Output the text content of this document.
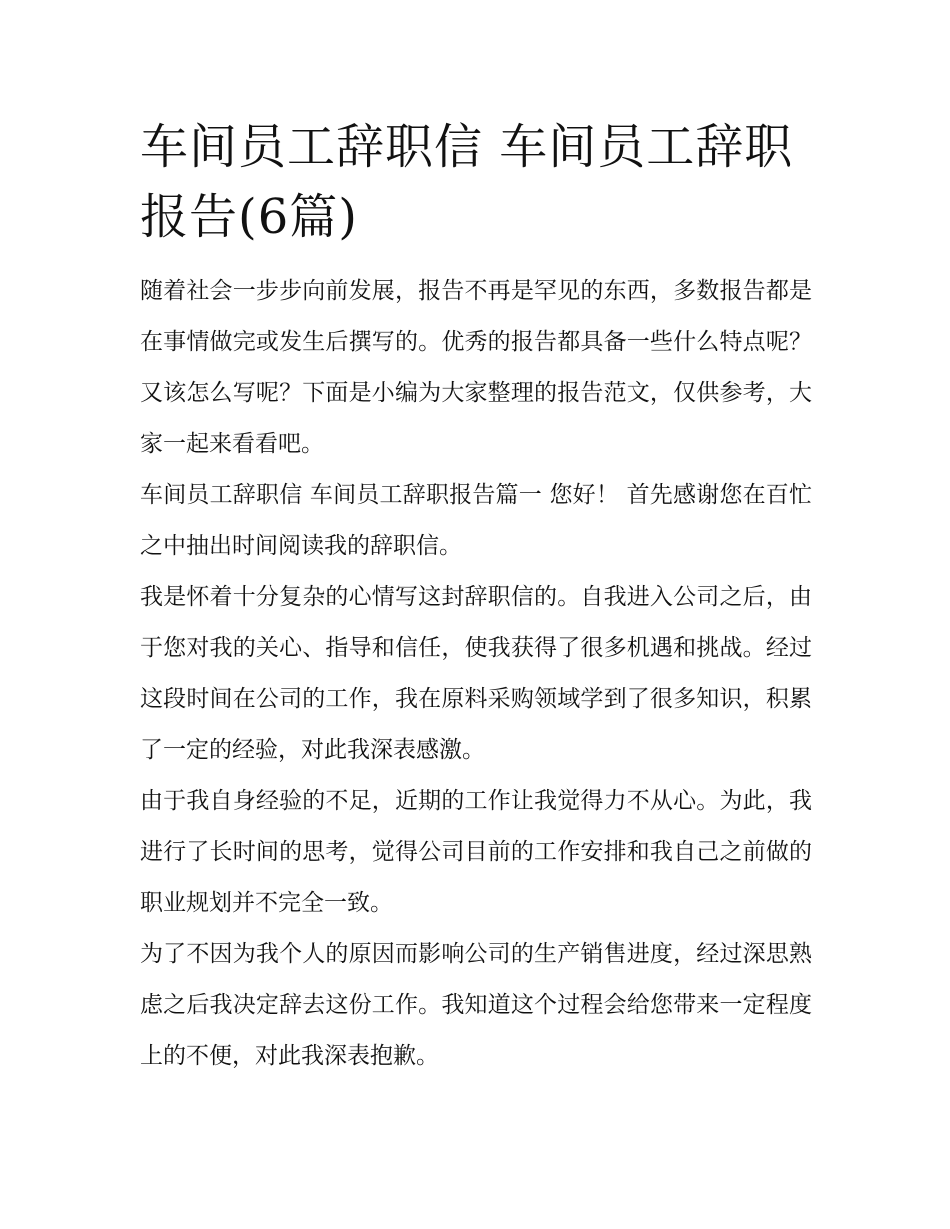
车间员工辞职信 车间员工辞职报告(6篇)

随着社会一步步向前发展，报告不再是罕见的东西，多数报告都是在事情做完或发生后撰写的。优秀的报告都具备一些什么特点呢？又该怎么写呢？下面是小编为大家整理的报告范文，仅供参考，大家一起来看看吧。

车间员工辞职信 车间员工辞职报告篇一 您好！ 首先感谢您在百忙之中抽出时间阅读我的辞职信。

我是怀着十分复杂的心情写这封辞职信的。自我进入公司之后，由于您对我的关心、指导和信任，使我获得了很多机遇和挑战。经过这段时间在公司的工作，我在原料采购领域学到了很多知识，积累了一定的经验，对此我深表感激。

由于我自身经验的不足，近期的工作让我觉得力不从心。为此，我进行了长时间的思考，觉得公司目前的工作安排和我自己之前做的职业规划并不完全一致。

为了不因为我个人的原因而影响公司的生产销售进度，经过深思熟虑之后我决定辞去这份工作。我知道这个过程会给您带来一定程度上的不便，对此我深表抱歉。
